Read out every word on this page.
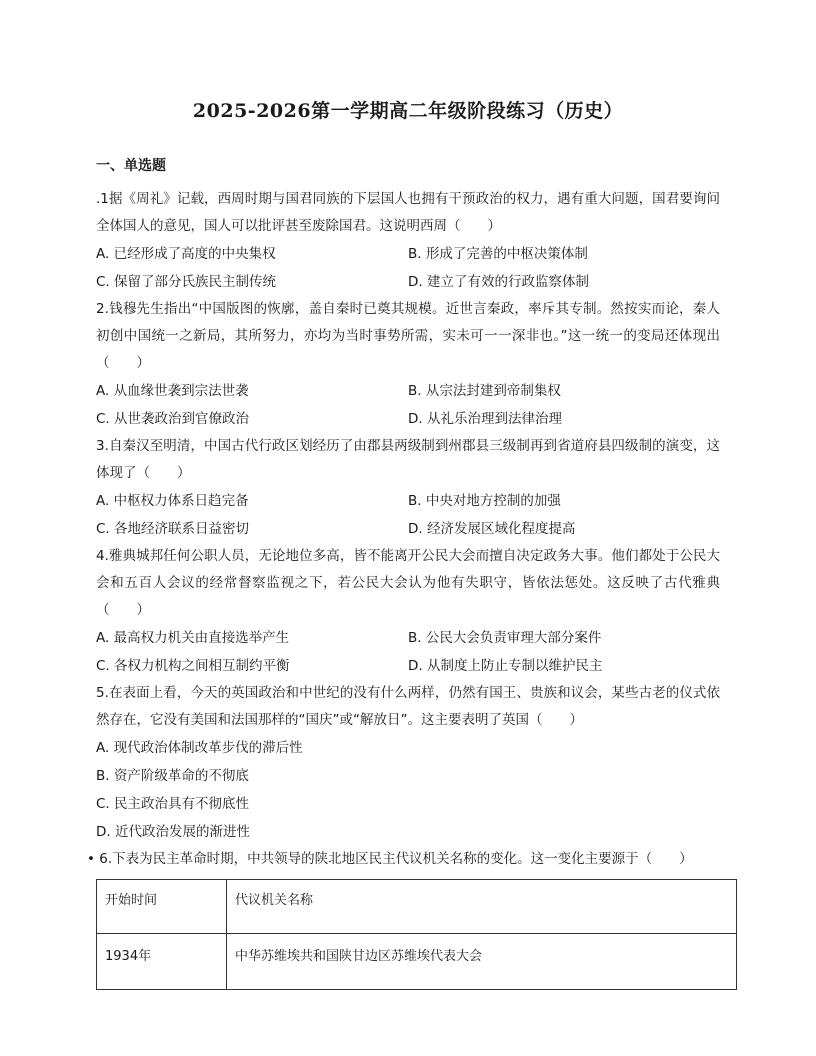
2025-2026第一学期高二年级阶段练习（历史）
一、单选题
.1据《周礼》记载，西周时期与国君同族的下层国人也拥有干预政治的权力，遇有重大问题，国君要询问全体国人的意见，国人可以批评甚至废除国君。这说明西周（　　）
A. 已经形成了高度的中央集权	B. 形成了完善的中枢决策体制
C. 保留了部分氏族民主制传统	D. 建立了有效的行政监察体制
2.钱穆先生指出“中国版图的恢廓，盖自秦时已奠其规模。近世言秦政，率斥其专制。然按实而论，秦人初创中国统一之新局，其所努力，亦均为当时事势所需，实未可一一深非也。”这一统一的变局还体现出（　　）
A. 从血缘世袭到宗法世袭	B. 从宗法封建到帝制集权
C. 从世袭政治到官僚政治	D. 从礼乐治理到法律治理
3.自秦汉至明清，中国古代行政区划经历了由郡县两级制到州郡县三级制再到省道府县四级制的演变，这体现了（　　）
A. 中枢权力体系日趋完备	B. 中央对地方控制的加强
C. 各地经济联系日益密切	D. 经济发展区域化程度提高
4.雅典城邦任何公职人员，无论地位多高，皆不能离开公民大会而擅自决定政务大事。他们都处于公民大会和五百人会议的经常督察监视之下，若公民大会认为他有失职守，皆依法惩处。这反映了古代雅典（　　）
A. 最高权力机关由直接选举产生	B. 公民大会负责审理大部分案件
C. 各权力机构之间相互制约平衡	D. 从制度上防止专制以维护民主
5.在表面上看，今天的英国政治和中世纪的没有什么两样，仍然有国王、贵族和议会，某些古老的仪式依然存在，它没有美国和法国那样的“国庆”或“解放日”。这主要表明了英国（　　）
A. 现代政治体制改革步伐的滞后性
B. 资产阶级革命的不彻底
C. 民主政治具有不彻底性
D. 近代政治发展的渐进性
• 6.下表为民主革命时期，中共领导的陕北地区民主代议机关名称的变化。这一变化主要源于（　　）
开始时间	代议机关名称
1934年	中华苏维埃共和国陕甘边区苏维埃代表大会
